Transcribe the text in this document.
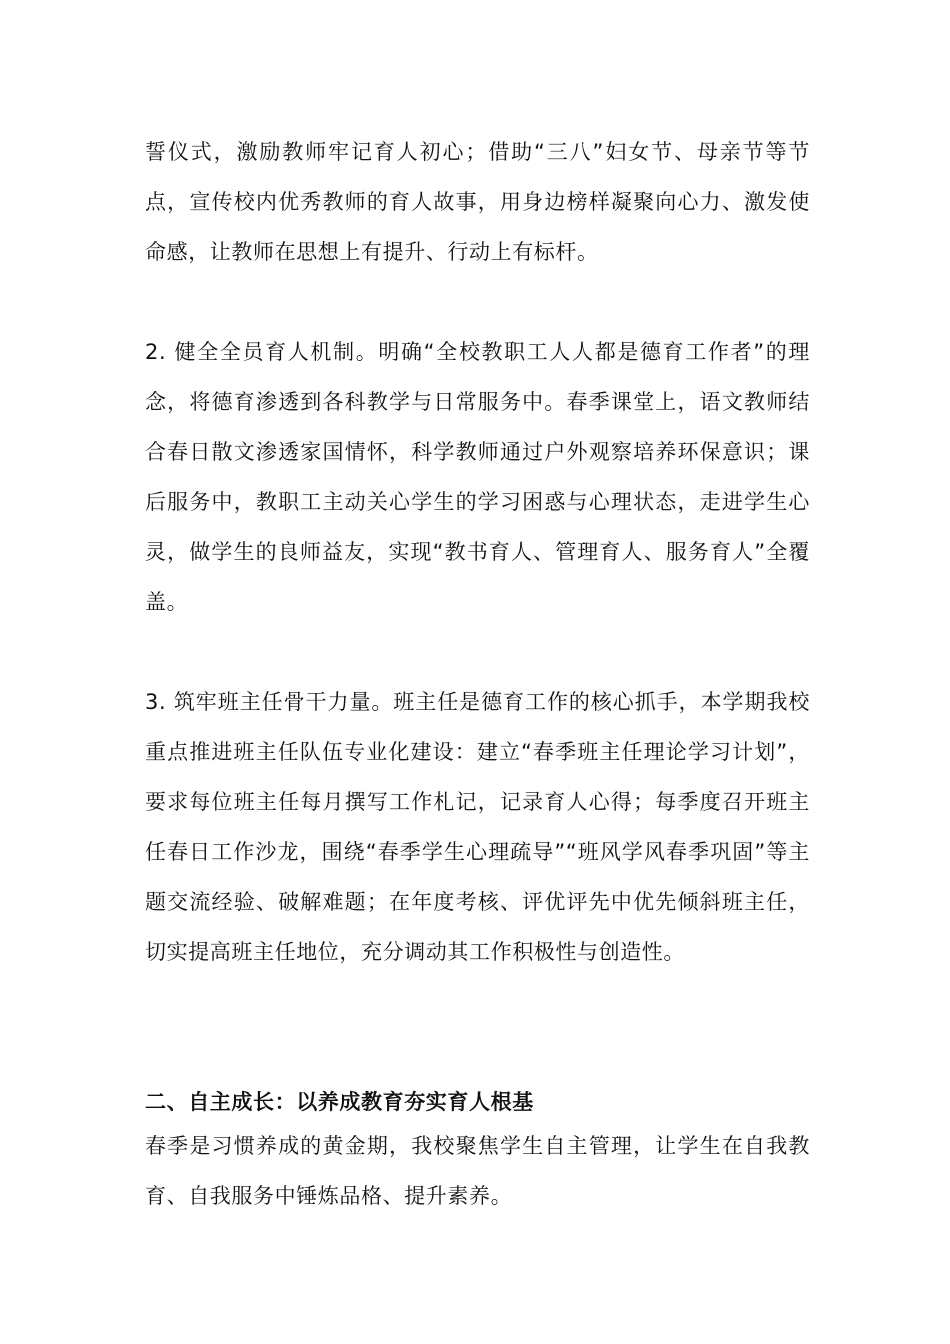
誓仪式，激励教师牢记育人初心；借助“三八”妇女节、母亲节等节点，宣传校内优秀教师的育人故事，用身边榜样凝聚向心力、激发使命感，让教师在思想上有提升、行动上有标杆。

2. 健全全员育人机制。明确“全校教职工人人都是德育工作者”的理念，将德育渗透到各科教学与日常服务中。春季课堂上，语文教师结合春日散文渗透家国情怀，科学教师通过户外观察培养环保意识；课后服务中，教职工主动关心学生的学习困惑与心理状态，走进学生心灵，做学生的良师益友，实现“教书育人、管理育人、服务育人”全覆盖。

3. 筑牢班主任骨干力量。班主任是德育工作的核心抓手，本学期我校重点推进班主任队伍专业化建设：建立“春季班主任理论学习计划”，要求每位班主任每月撰写工作札记，记录育人心得；每季度召开班主任春日工作沙龙，围绕“春季学生心理疏导”“班风学风春季巩固”等主题交流经验、破解难题；在年度考核、评优评先中优先倾斜班主任，切实提高班主任地位，充分调动其工作积极性与创造性。

二、自主成长：以养成教育夯实育人根基

春季是习惯养成的黄金期，我校聚焦学生自主管理，让学生在自我教育、自我服务中锤炼品格、提升素养。
